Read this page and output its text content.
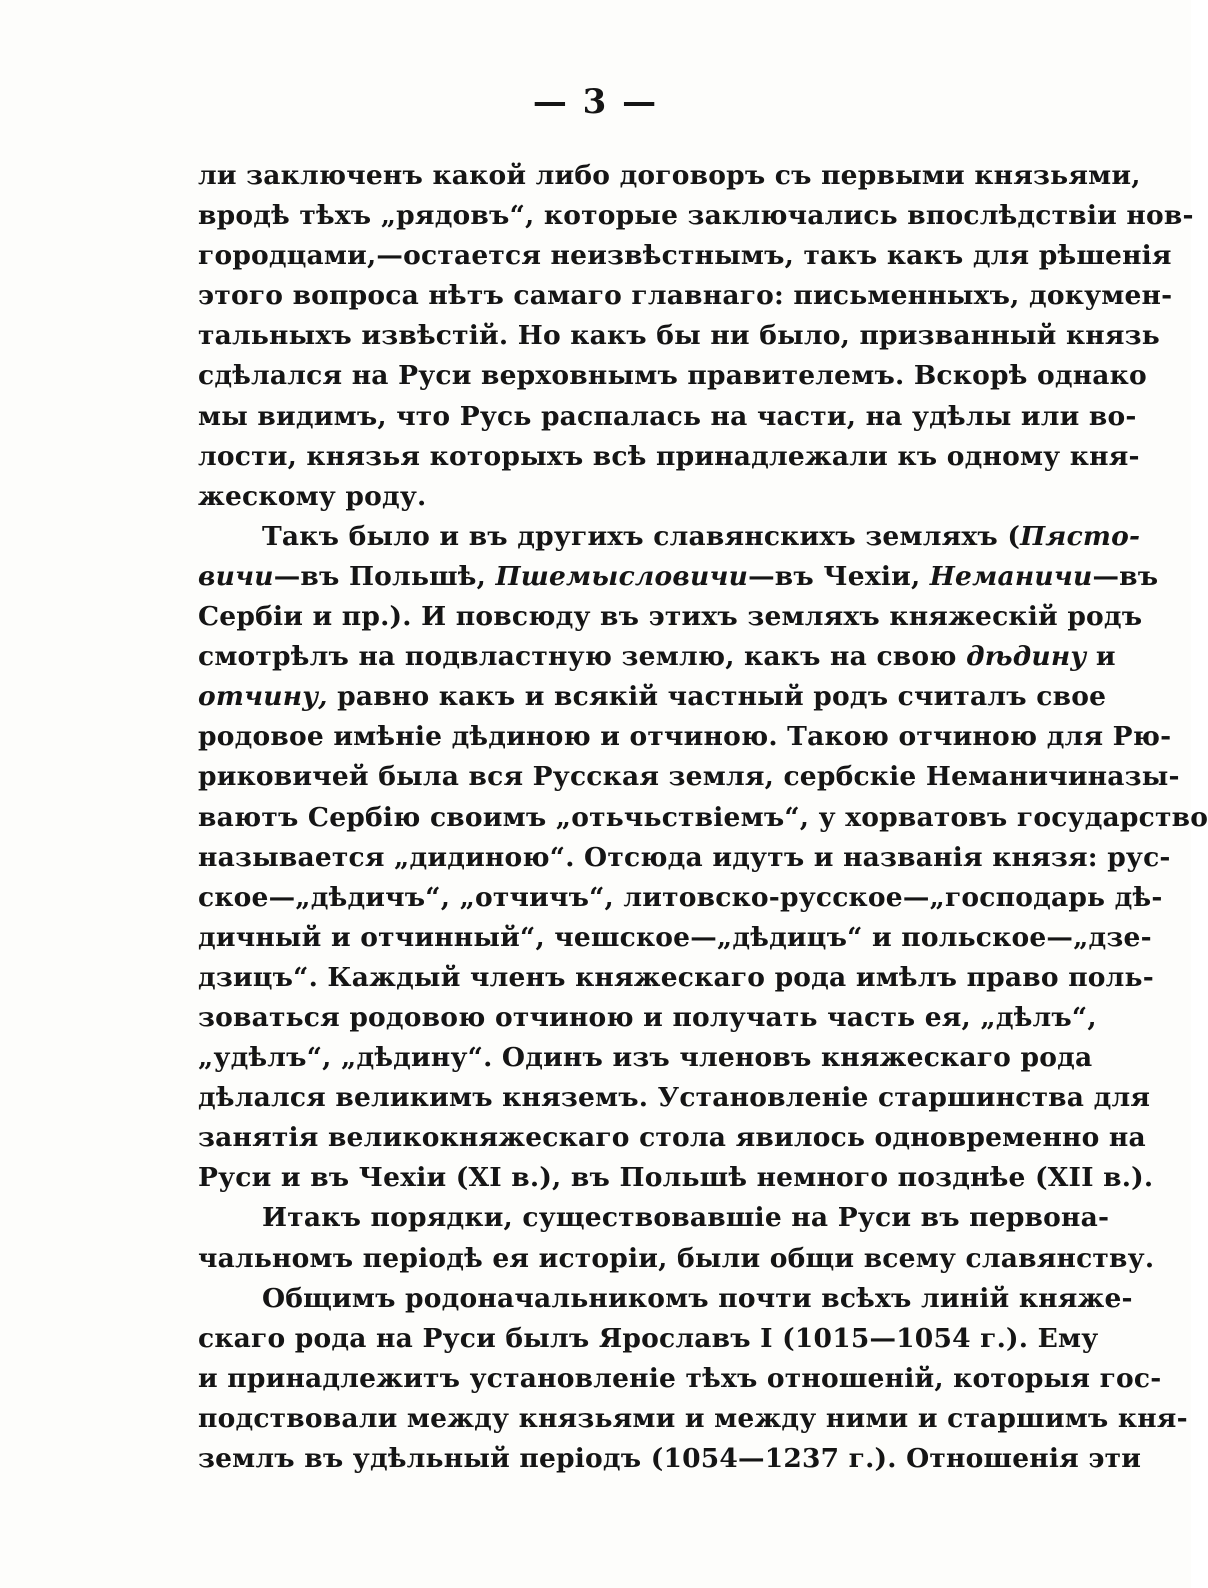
— 3 —
ли заключенъ какой либо договоръ съ первыми князьями,
вродѣ тѣхъ „рядовъ“, которые заключались впослѣдствіи нов-
городцами,—остается неизвѣстнымъ, такъ какъ для рѣшенія
этого вопроса нѣтъ самаго главнаго: письменныхъ, докумен-
тальныхъ извѣстій. Но какъ бы ни было, призванный князь
сдѣлался на Руси верховнымъ правителемъ. Вскорѣ однако
мы видимъ, что Русь распалась на части, на удѣлы или во-
лости, князья которыхъ всѣ принадлежали къ одному кня-
жескому роду.
Такъ было и въ другихъ славянскихъ земляхъ (Пясто-
вичи—въ Польшѣ, Пшемысловичи—въ Чехіи, Неманичи—въ
Сербіи и пр.). И повсюду въ этихъ земляхъ княжескій родъ
смотрѣлъ на подвластную землю, какъ на свою дѣдину и
отчину, равно какъ и всякій частный родъ считалъ свое
родовое имѣніе дѣдиною и отчиною. Такою отчиною для Рю-
риковичей была вся Русская земля, сербскіе Неманичиназы-
ваютъ Сербію своимъ „отьчьствіемъ“, у хорватовъ государство
называется „дидиною“. Отсюда идутъ и названія князя: рус-
ское—„дѣдичъ“, „отчичъ“, литовско-русское—„господарь дѣ-
дичный и отчинный“, чешское—„дѣдицъ“ и польское—„дзе-
дзицъ“. Каждый членъ княжескаго рода имѣлъ право поль-
зоваться родовою отчиною и получать часть ея, „дѣлъ“,
„удѣлъ“, „дѣдину“. Одинъ изъ членовъ княжескаго рода
дѣлался великимъ княземъ. Установленіе старшинства для
занятія великокняжескаго стола явилось одновременно на
Руси и въ Чехіи (XI в.), въ Польшѣ немного позднѣе (XII в.).
Итакъ порядки, существовавшіе на Руси въ первона-
чальномъ періодѣ ея исторіи, были общи всему славянству.
Общимъ родоначальникомъ почти всѣхъ линій княже-
скаго рода на Руси былъ Ярославъ I (1015—1054 г.). Ему
и принадлежитъ установленіе тѣхъ отношеній, которыя гос-
подствовали между князьями и между ними и старшимъ кня-
землъ въ удѣльный періодъ (1054—1237 г.). Отношенія эти
